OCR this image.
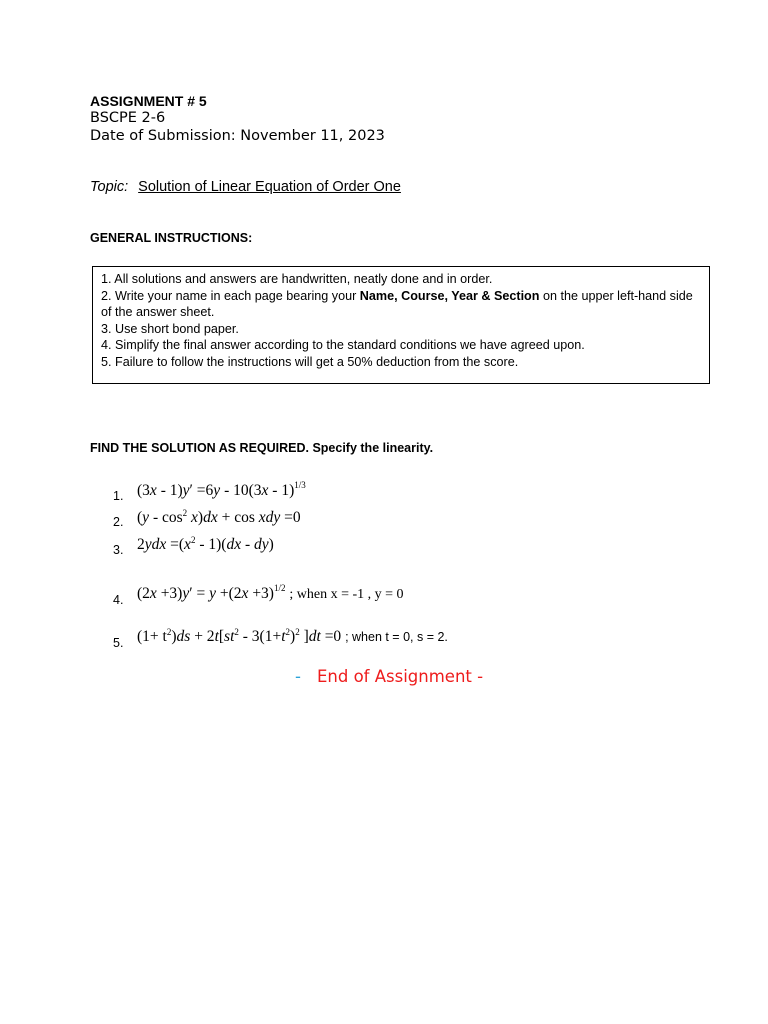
ASSIGNMENT # 5
BSCPE 2-6
Date of Submission: November 11, 2023
Topic: Solution of Linear Equation of Order One
GENERAL INSTRUCTIONS:

1. All solutions and answers are handwritten, neatly done and in order.

2. Write your name in each page bearing your Name, Course, Year & Section on the upper left-hand side of the answer sheet.

3. Use short bond paper.

4. Simplify the final answer according to the standard conditions we have agreed upon.

5. Failure to follow the instructions will get a 50% deduction from the score.

FIND THE SOLUTION AS REQUIRED. Specify the linearity.
1. (3x - 1)y′ =6y - 10(3x - 1)$^{1/3}$
2. $(y - \cos^2 x)dx + \cos$ xdy =0
3. $2ydx =(x^2 - 1)(dx - dy)$
4. $(2x +3)y' = y +(2x +3)^{1/2}$ ; when x = -1 , y = 0
5. $(1+ t^2)ds + 2t[st^2 - 3(1+t^2)^2$ ]dt =0 ; when t = 0, s = 2.
- End of Assignment -
